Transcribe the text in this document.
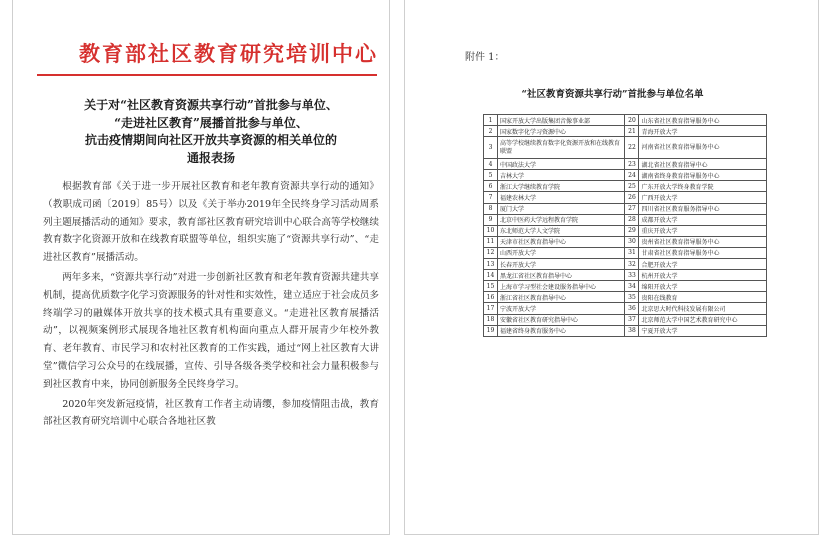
教育部社区教育研究培训中心
关于对“社区教育资源共享行动”首批参与单位、
“走进社区教育”展播首批参与单位、
抗击疫情期间向社区开放共享资源的相关单位的
通报表扬

根据教育部《关于进一步开展社区教育和老年教育资源共享行动的通知》（教职成司函〔2019〕85号）以及《关于举办2019年全民终身学习活动周系列主题展播活动的通知》要求，教育部社区教育研究培训中心联合高等学校继续教育数字化资源开放和在线教育联盟等单位，组织实施了“资源共享行动”、“走进社区教育”展播活动。

两年多来，“资源共享行动”对进一步创新社区教育和老年教育资源共建共享机制，提高优质数字化学习资源服务的针对性和实效性，建立适应于社会成员多终端学习的融媒体开放共享的技术模式具有重要意义。“走进社区教育展播活动”，以视频案例形式展现各地社区教育机构面向重点人群开展青少年校外教育、老年教育、市民学习和农村社区教育的工作实践，通过“网上社区教育大讲堂”微信学习公众号的在线展播，宣传、引导各级各类学校和社会力量积极参与到社区教育中来，协同创新服务全民终身学习。

2020年突发新冠疫情，社区教育工作者主动请缨，参加疫情阻击战，教育部社区教育研究培训中心联合各地社区教

附件 1：
“社区教育资源共享行动”首批参与单位名单
1	国家开放大学出版集团音像事业部	20	山东省社区教育指导服务中心
2	国家数字化学习资源中心	21	青海开放大学
3	高等学校继续教育数字化资源开放和在线教育联盟	22	河南省社区教育指导服务中心
4	中国政法大学	23	湖北省社区教育指导中心
5	吉林大学	24	湖南省终身教育指导服务中心
6	浙江大学继续教育学院	25	广东开放大学终身教育学院
7	福建农林大学	26	广西开放大学
8	厦门大学	27	四川省社区教育服务指导中心
9	北京中医药大学远程教育学院	28	成都开放大学
10	东北师范大学人文学院	29	重庆开放大学
11	天津市社区教育指导中心	30	贵州省社区教育指导服务中心
12	山西开放大学	31	甘肃省社区教育指导服务中心
13	长春开放大学	32	合肥开放大学
14	黑龙江省社区教育指导中心	33	杭州开放大学
15	上海市学习型社会建设服务指导中心	34	绵阳开放大学
16	浙江省社区教育指导中心	35	贵阳在线教育
17	宁波开放大学	36	北京思大时代科技发展有限公司
18	安徽省社区教育研究指导中心	37	北京师范大学中国艺术教育研究中心
19	福建省终身教育服务中心	38	宁夏开放大学
